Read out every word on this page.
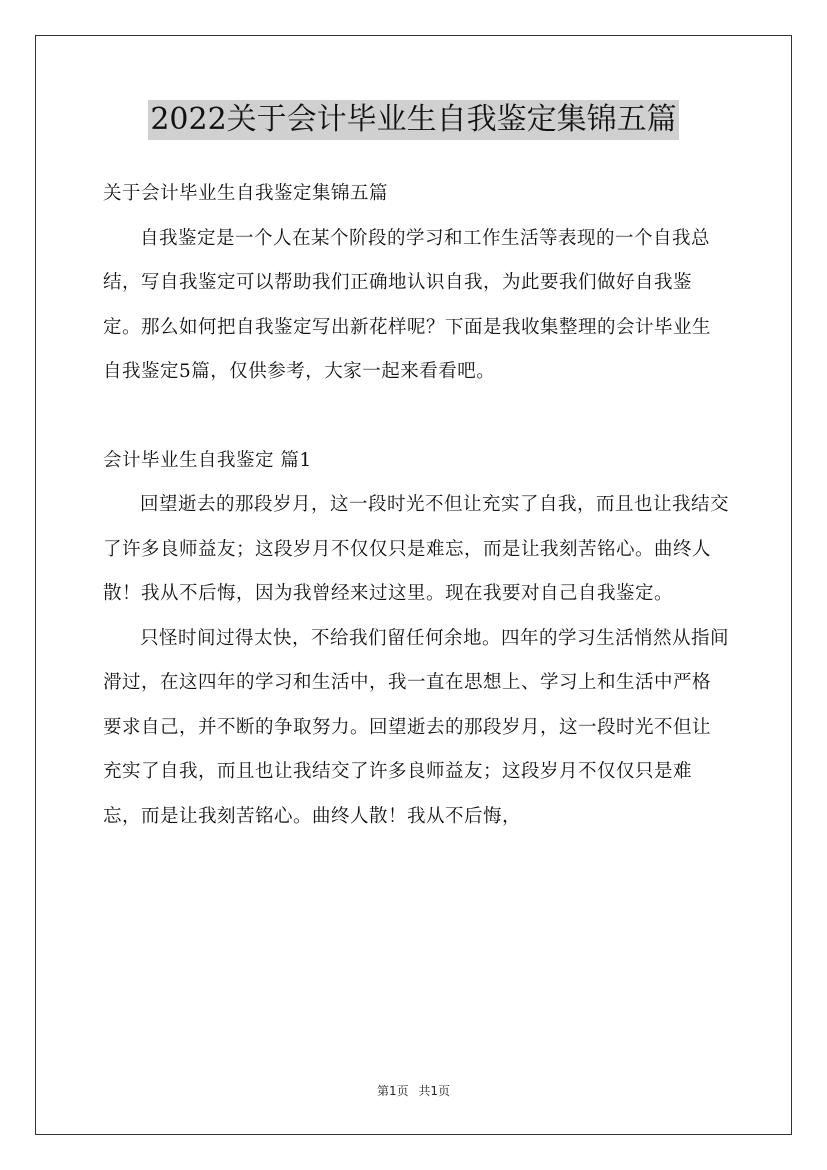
2022关于会计毕业生自我鉴定集锦五篇

关于会计毕业生自我鉴定集锦五篇

自我鉴定是一个人在某个阶段的学习和工作生活等表现的一个自我总结，写自我鉴定可以帮助我们正确地认识自我，为此要我们做好自我鉴定。那么如何把自我鉴定写出新花样呢？下面是我收集整理的会计毕业生自我鉴定5篇，仅供参考，大家一起来看看吧。

会计毕业生自我鉴定 篇1

回望逝去的那段岁月，这一段时光不但让充实了自我，而且也让我结交了许多良师益友；这段岁月不仅仅只是难忘，而是让我刻苦铭心。曲终人散！我从不后悔，因为我曾经来过这里。现在我要对自己自我鉴定。

只怪时间过得太快，不给我们留任何余地。四年的学习生活悄然从指间滑过，在这四年的学习和生活中，我一直在思想上、学习上和生活中严格要求自己，并不断的争取努力。回望逝去的那段岁月，这一段时光不但让充实了自我，而且也让我结交了许多良师益友；这段岁月不仅仅只是难忘，而是让我刻苦铭心。曲终人散！我从不后悔，

第1页 共1页
